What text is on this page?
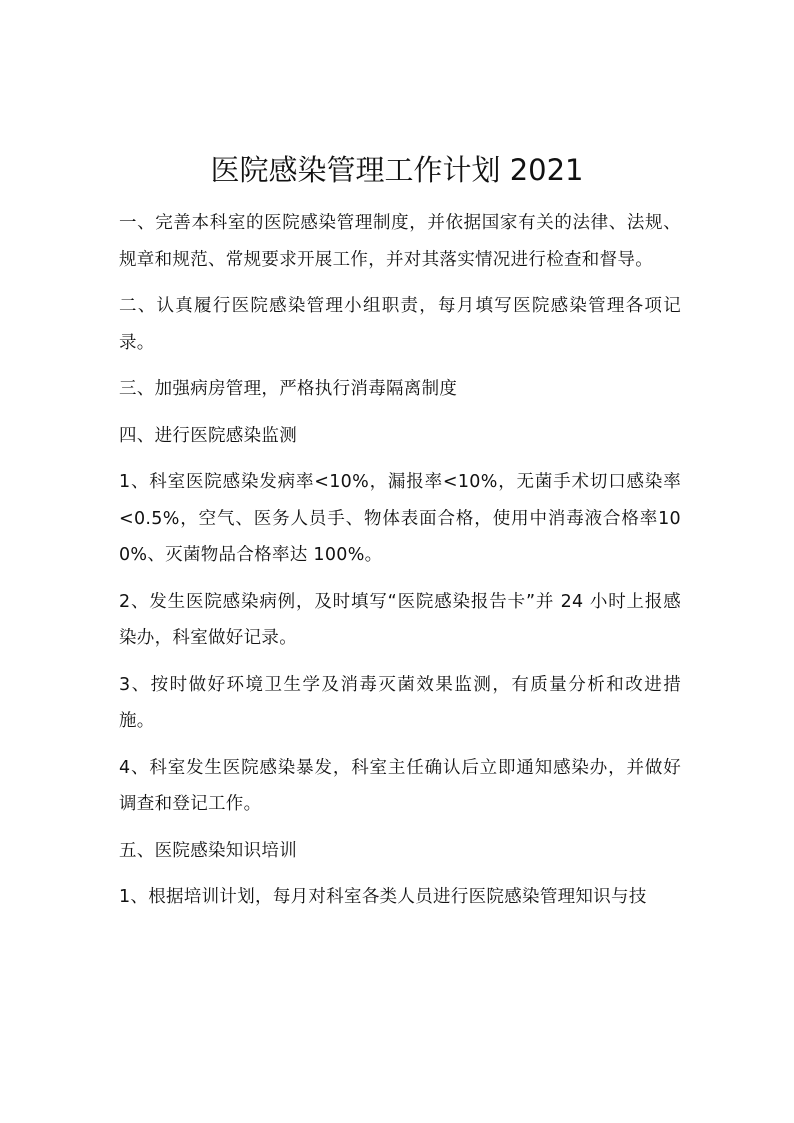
医院感染管理工作计划 2021

一、完善本科室的医院感染管理制度，并依据国家有关的法律、法规、规章和规范、常规要求开展工作，并对其落实情况进行检查和督导。

二、认真履行医院感染管理小组职责，每月填写医院感染管理各项记录。

三、加强病房管理，严格执行消毒隔离制度

四、进行医院感染监测

1、科室医院感染发病率<10%，漏报率<10%，无菌手术切口感染率<0.5%，空气、医务人员手、物体表面合格，使用中消毒液合格率100%、灭菌物品合格率达 100%。

2、发生医院感染病例，及时填写“医院感染报告卡”并 24 小时上报感染办，科室做好记录。

3、按时做好环境卫生学及消毒灭菌效果监测，有质量分析和改进措施。

4、科室发生医院感染暴发，科室主任确认后立即通知感染办，并做好调查和登记工作。

五、医院感染知识培训

1、根据培训计划，每月对科室各类人员进行医院感染管理知识与技
